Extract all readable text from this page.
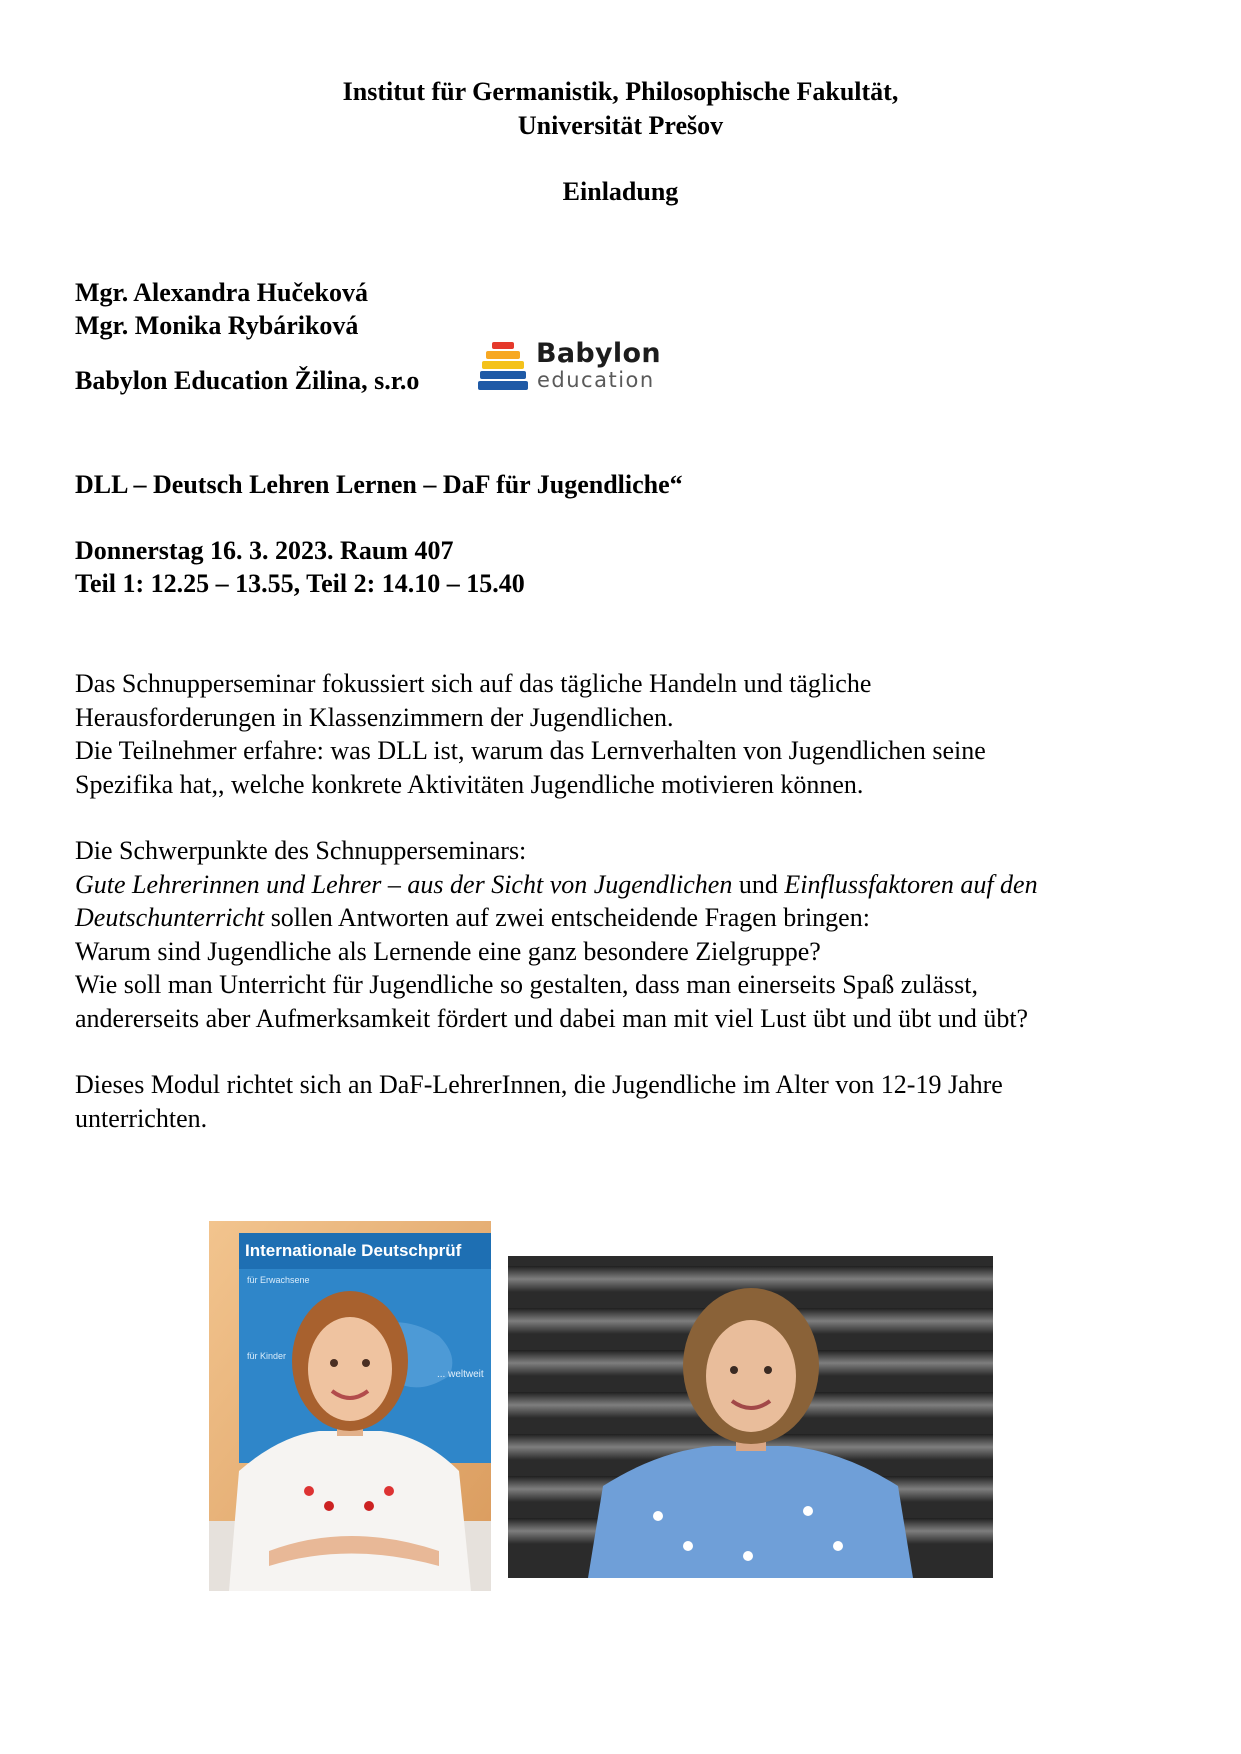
Institut für Germanistik, Philosophische Fakultät,
Universität Prešov
Einladung
Mgr. Alexandra Hučeková
Mgr. Monika Rybáriková
Babylon Education Žilina, s.r.o
Babylon
education
DLL – Deutsch Lehren Lernen – DaF für Jugendliche“
Donnerstag 16. 3. 2023. Raum 407
Teil 1: 12.25 – 13.55, Teil 2: 14.10 – 15.40

Das Schnupperseminar fokussiert sich auf das tägliche Handeln und tägliche

Herausforderungen in Klassenzimmern der Jugendlichen.

Die Teilnehmer erfahre: was DLL ist, warum das Lernverhalten von Jugendlichen seine

Spezifika hat,, welche konkrete Aktivitäten Jugendliche motivieren können.

Die Schwerpunkte des Schnupperseminars:

Gute Lehrerinnen und Lehrer – aus der Sicht von Jugendlichen und Einflussfaktoren auf den

Deutschunterricht sollen Antworten auf zwei entscheidende Fragen bringen:

Warum sind Jugendliche als Lernende eine ganz besondere Zielgruppe?

Wie soll man Unterricht für Jugendliche so gestalten, dass man einerseits Spaß zulässt,

andererseits aber Aufmerksamkeit fördert und dabei man mit viel Lust übt und übt und übt?

Dieses Modul richtet sich an DaF-LehrerInnen, die Jugendliche im Alter von 12-19 Jahre

unterrichten.

Internationale Deutschprüf
für Erwachsene
für Kinder
... weltweit
